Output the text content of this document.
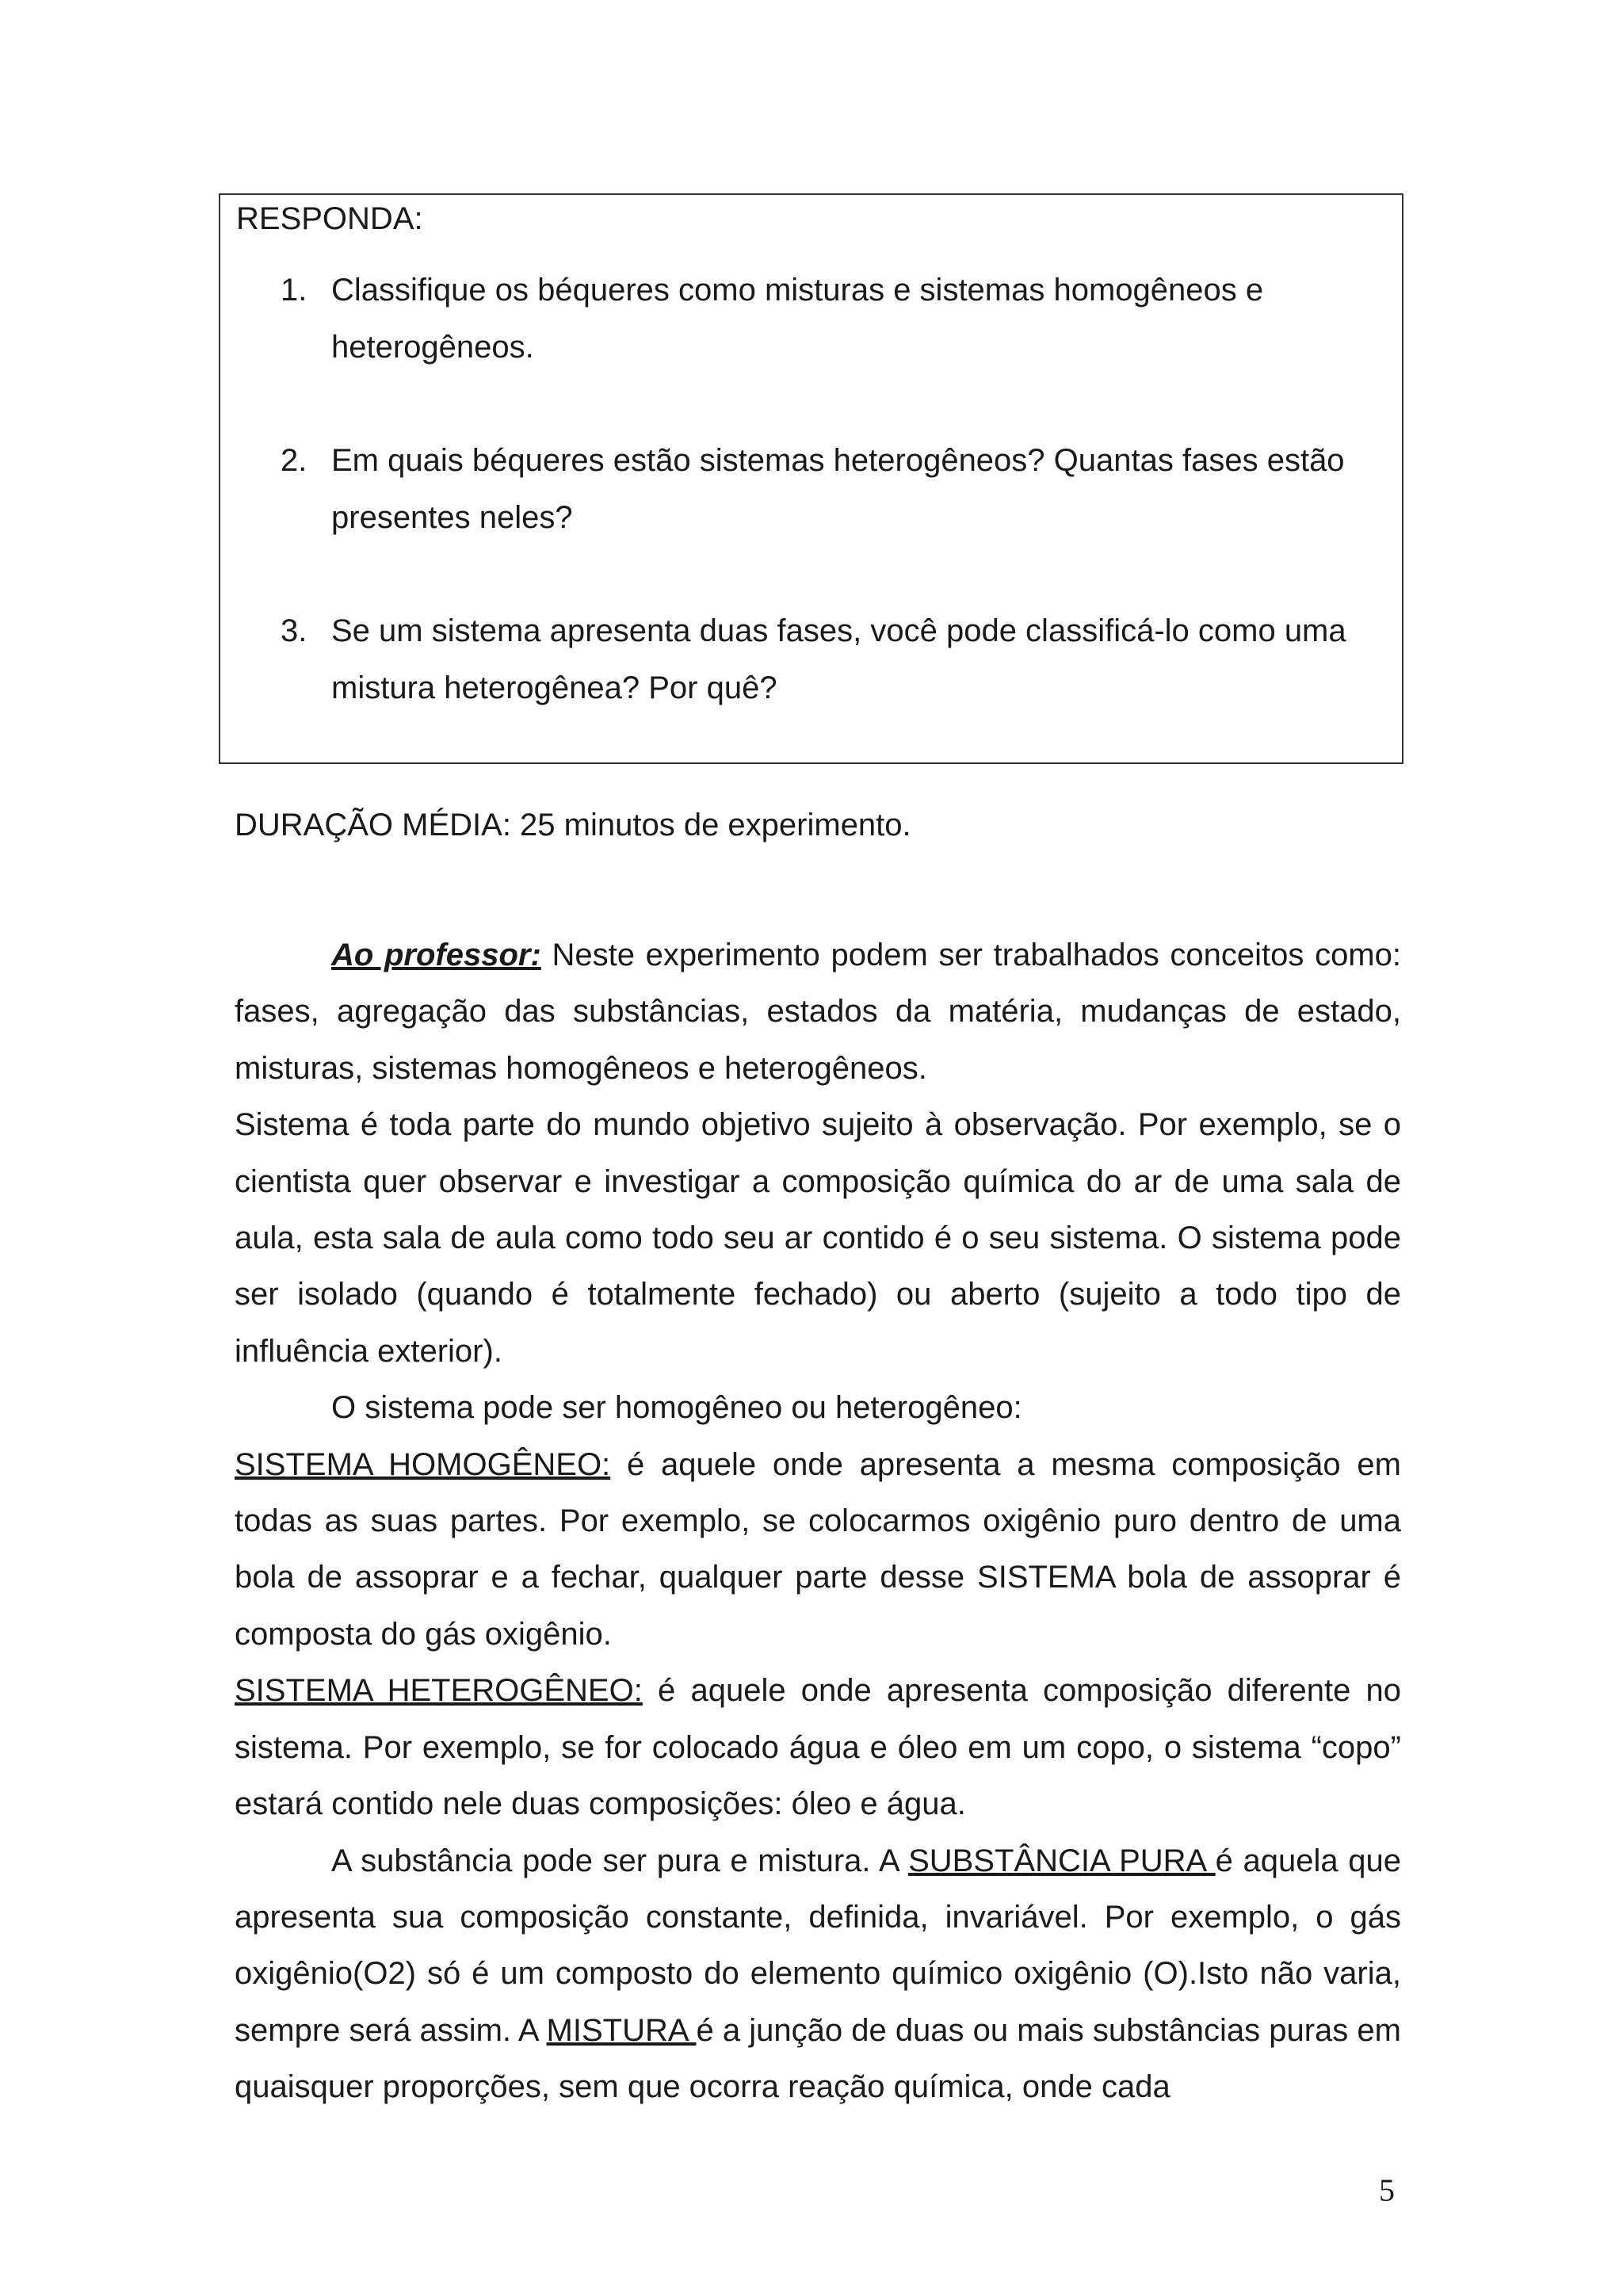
RESPONDA:
1. Classifique os béqueres como misturas e sistemas homogêneos e heterogêneos.
2. Em quais béqueres estão sistemas heterogêneos? Quantas fases estão presentes neles?
3. Se um sistema apresenta duas fases, você pode classificá-lo como uma mistura heterogênea? Por quê?
DURAÇÃO MÉDIA: 25 minutos de experimento.

Ao professor: Neste experimento podem ser trabalhados conceitos como: fases, agregação das substâncias, estados da matéria, mudanças de estado, misturas, sistemas homogêneos e heterogêneos.

Sistema é toda parte do mundo objetivo sujeito à observação. Por exemplo, se o cientista quer observar e investigar a composição química do ar de uma sala de aula, esta sala de aula como todo seu ar contido é o seu sistema. O sistema pode ser isolado (quando é totalmente fechado) ou aberto (sujeito a todo tipo de influência exterior).

O sistema pode ser homogêneo ou heterogêneo:

SISTEMA HOMOGÊNEO: é aquele onde apresenta a mesma composição em todas as suas partes. Por exemplo, se colocarmos oxigênio puro dentro de uma bola de assoprar e a fechar, qualquer parte desse SISTEMA bola de assoprar é composta do gás oxigênio.

SISTEMA HETEROGÊNEO: é aquele onde apresenta composição diferente no sistema. Por exemplo, se for colocado água e óleo em um copo, o sistema “copo” estará contido nele duas composições: óleo e água.

A substância pode ser pura e mistura. A SUBSTÂNCIA PURA é aquela que apresenta sua composição constante, definida, invariável. Por exemplo, o gás oxigênio(O2) só é um composto do elemento químico oxigênio (O).Isto não varia, sempre será assim. A MISTURA é a junção de duas ou mais substâncias puras em quaisquer proporções, sem que ocorra reação química, onde cada

5
